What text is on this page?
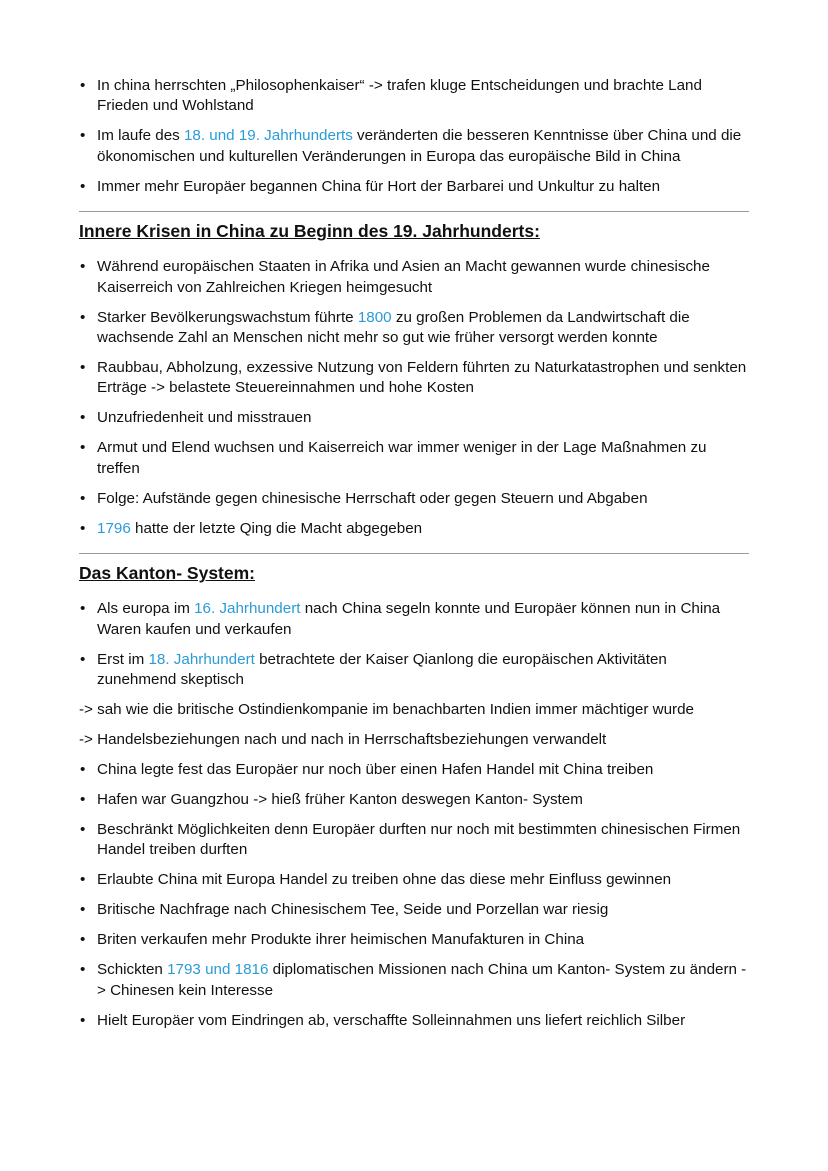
• In china herrschten „Philosophenkaiser“ -> trafen kluge Entscheidungen und brachte Land Frieden und Wohlstand
• Im laufe des 18. und 19. Jahrhunderts veränderten die besseren Kenntnisse über China und die ökonomischen und kulturellen Veränderungen in Europa das europäische Bild in China
• Immer mehr Europäer begannen China für Hort der Barbarei und Unkultur zu halten
Innere Krisen in China zu Beginn des 19. Jahrhunderts:
• Während europäischen Staaten in Afrika und Asien an Macht gewannen wurde chinesische Kaiserreich von Zahlreichen Kriegen heimgesucht
• Starker Bevölkerungswachstum führte 1800 zu großen Problemen da Landwirtschaft die wachsende Zahl an Menschen nicht mehr so gut wie früher versorgt werden konnte
• Raubbau, Abholzung, exzessive Nutzung von Feldern führten zu Naturkatastrophen und senkten Erträge -> belastete Steuereinnahmen und hohe Kosten
• Unzufriedenheit und misstrauen
• Armut und Elend wuchsen und Kaiserreich war immer weniger in der Lage Maßnahmen zu treffen
• Folge: Aufstände gegen chinesische Herrschaft oder gegen Steuern und Abgaben
• 1796 hatte der letzte Qing die Macht abgegeben
Das Kanton- System:
• Als europa im 16. Jahrhundert nach China segeln konnte und Europäer können nun in China Waren kaufen und verkaufen
• Erst im 18. Jahrhundert betrachtete der Kaiser Qianlong die europäischen Aktivitäten zunehmend skeptisch

-> sah wie die britische Ostindienkompanie im benachbarten Indien immer mächtiger wurde

-> Handelsbeziehungen nach und nach in Herrschaftsbeziehungen verwandelt

• China legte fest das Europäer nur noch über einen Hafen Handel mit China treiben
• Hafen war Guangzhou -> hieß früher Kanton deswegen Kanton- System
• Beschränkt Möglichkeiten denn Europäer durften nur noch mit bestimmten chinesischen Firmen Handel treiben durften
• Erlaubte China mit Europa Handel zu treiben ohne das diese mehr Einfluss gewinnen
• Britische Nachfrage nach Chinesischem Tee, Seide und Porzellan war riesig
• Briten verkaufen mehr Produkte ihrer heimischen Manufakturen in China
• Schickten 1793 und 1816 diplomatischen Missionen nach China um Kanton- System zu ändern -> Chinesen kein Interesse
• Hielt Europäer vom Eindringen ab, verschaffte Solleinnahmen uns liefert reichlich Silber
